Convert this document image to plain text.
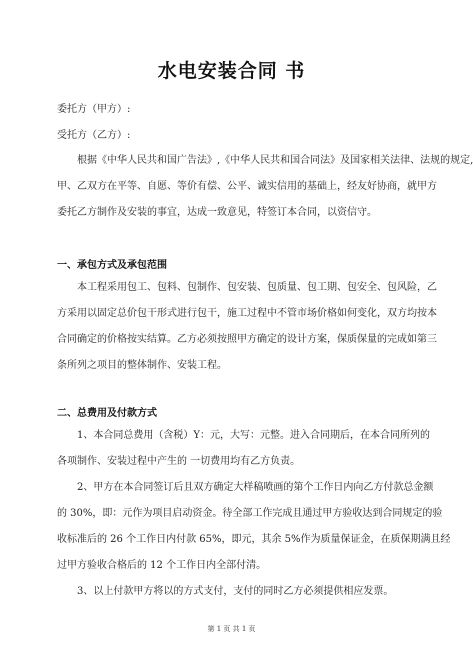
水电安装合同 书
委托方（甲方）:
受托方（乙方）:
根据《中华人民共和国广告法》,《中华人民共和国合同法》及国家相关法律、法规的规定,
甲、乙双方在平等、自愿、等价有偿、公平、诚实信用的基础上，经友好协商，就甲方
委托乙方制作及安装的事宜，达成一致意见，特签订本合同，以资信守。
一、承包方式及承包范围
本工程采用包工、包料、包制作、包安装、包质量、包工期、包安全、包风险，乙
方采用以固定总价包干形式进行包干，施工过程中不管市场价格如何变化，双方均按本
合同确定的价格按实结算。乙方必须按照甲方确定的设计方案，保质保量的完成如第三
条所列之项目的整体制作、安装工程。
二、总费用及付款方式
1、本合同总费用（含税）Y：元，大写：元整。进入合同期后，在本合同所列的
各项制作、安装过程中产生的 一切费用均有乙方负责。
2、甲方在本合同签订后且双方确定大样稿喷画的第个工作日内向乙方付款总金额
的 30%，即：元作为项目启动资金。待全部工作完成且通过甲方验收达到合同规定的验
收标准后的 26 个工作日内付款 65%，即元，其余 5%作为质量保证金，在质保期满且经
过甲方验收合格后的 12 个工作日内全部付清。
3、以上付款甲方将以的方式支付，支付的同时乙方必须提供相应发票。
第 1 页 共 1 页
